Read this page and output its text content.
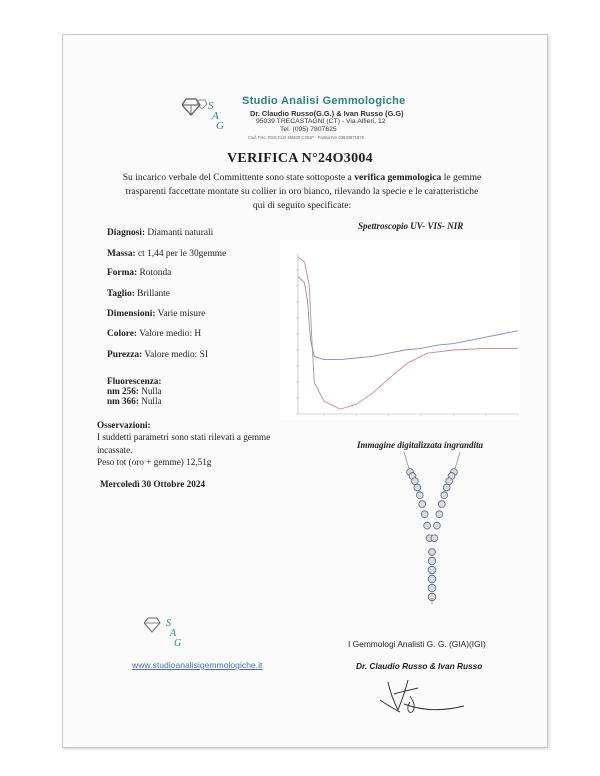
S
A
G
Studio Analisi Gemmologiche
Dr. Claudio Russo(G.G.) & Ivan Russo (G.G)
95039 TRECASTAGNI (CT) - Via Alfieri, 12
Tel. (095) 7807625
Cod. Fisc. RSS CLD 46M30 C351P - Partita IVA 03933871876
VERIFICA N°24O3004
Su incarico verbale del Committente sono state sottoposte a verifica gemmologica le gemme trasparenti faccettate montate su collier in oro bianco, rilevando la specie e le caratteristiche qui di seguito specificate:
Diagnosi: Diamanti naturali
Massa: ct 1,44 per le 30gemme
Forma: Rotonda
Taglio: Brillante
Dimensioni: Varie misure
Colore: Valore medio: H
Purezza: Valore medio: SI
Fluorescenza:
nm 256: Nulla
nm 366: Nulla
Osservazioni:
I suddetti parametri sono stati rilevati a gemme
incassate.
Peso tot (oro + gemme) 12,51g
Mercoledì 30 Ottobre 2024
Spettroscopio UV- VIS- NIR
Immagine digitalizzata ingrandita
S
A
G
www.studioanalisigemmologiche.it
I Gemmologi Analisti G. G. (GIA)(IGI)
Dr. Claudio Russo & Ivan Russo
